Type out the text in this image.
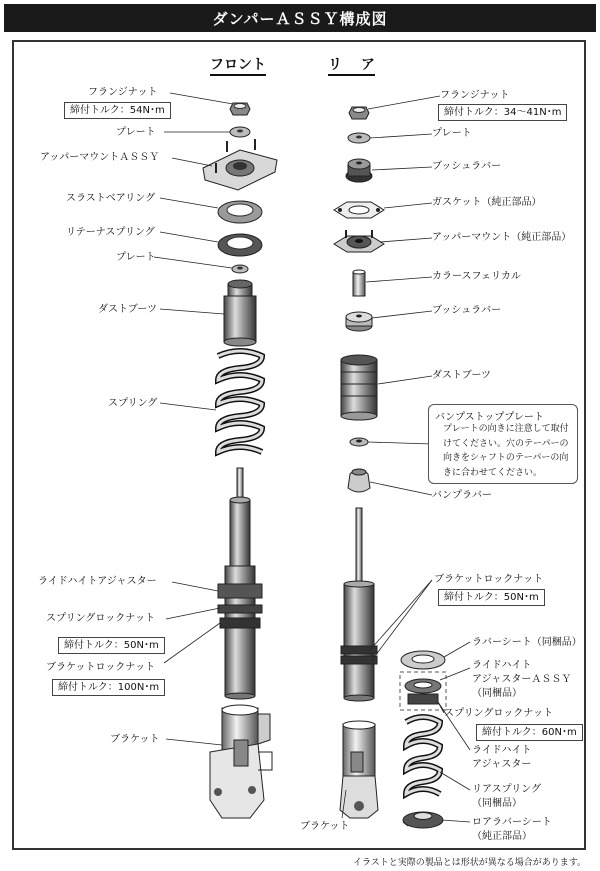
ダンパーＡＳＳＹ構成図
フロント	リ　 ア
フランジナット
締付トルク：54N･m
プレート
アッパーマウントＡＳＳＹ
スラストベアリング
リテーナスプリング
プレート
ダストブーツ
スプリング
ライドハイトアジャスター
スプリングロックナット
締付トルク：50N･m
ブラケットロックナット
締付トルク：100N･m
ブラケット
フランジナット
締付トルク：34～41N･m
プレート
ブッシュラバー
ガスケット（純正部品）
アッパーマウント（純正部品）
カラースフェリカル
ブッシュラバー
ダストブーツ
バンプストッププレート
プレートの向きに注意して取付けてください。穴のテーパーの向きをシャフトのテーパーの向きに合わせてください。
バンプラバー
ブラケットロックナット
締付トルク：50N･m
ラバーシート（同梱品）
ライドハイト
アジャスターＡＳＳＹ
（同梱品）
スプリングロックナット
締付トルク：60N･m
ライドハイト
アジャスター
リアスプリング
（同梱品）
ロアラバーシート
（純正部品）
ブラケット
イラストと実際の製品とは形状が異なる場合があります。
